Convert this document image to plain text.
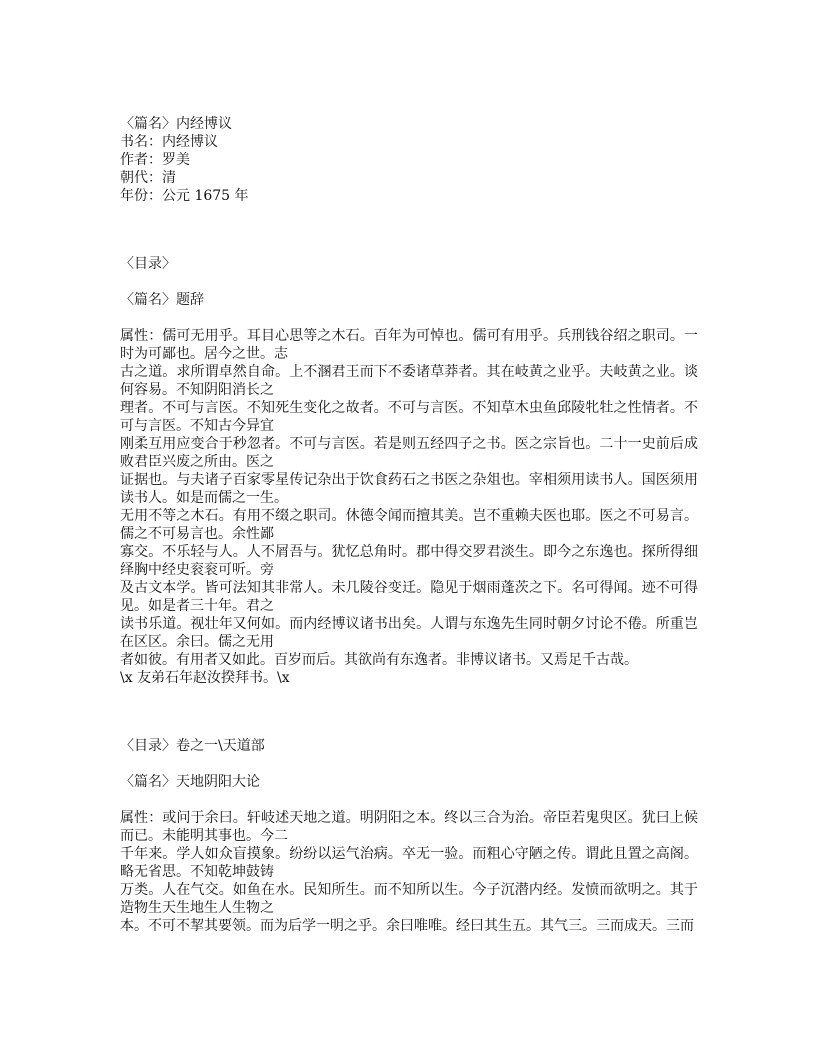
〈篇名〉内经博议
书名：内经博议
作者：罗美
朝代：清
年份：公元 1675 年
〈目录〉
〈篇名〉题辞
属性：儒可无用乎。耳目心思等之木石。百年为可悼也。儒可有用乎。兵刑钱谷绍之职司。一时为可鄙也。居今之世。志
古之道。求所谓卓然自命。上不溷君王而下不委诸草莽者。其在岐黄之业乎。夫岐黄之业。谈何容易。不知阴阳消长之
理者。不可与言医。不知死生变化之故者。不可与言医。不知草木虫鱼邱陵牝牡之性情者。不可与言医。不知古今异宜
刚柔互用应变合于秒忽者。不可与言医。若是则五经四子之书。医之宗旨也。二十一史前后成败君臣兴废之所由。医之
证据也。与夫诸子百家零星传记杂出于饮食药石之书医之杂俎也。宰相须用读书人。国医须用读书人。如是而儒之一生。
无用不等之木石。有用不缀之职司。休德令闻而擅其美。岂不重赖夫医也耶。医之不可易言。儒之不可易言也。余性鄙
寡交。不乐轻与人。人不屑吾与。犹忆总角时。郡中得交罗君淡生。即今之东逸也。探所得细绎胸中经史衮衮可听。旁
及古文本学。皆可法知其非常人。未几陵谷变迁。隐见于烟雨蓬茨之下。名可得闻。迹不可得见。如是者三十年。君之
读书乐道。视壮年又何如。而内经博议诸书出矣。人谓与东逸先生同时朝夕讨论不倦。所重岂在区区。余曰。儒之无用
者如彼。有用者又如此。百岁而后。其欲尚有东逸者。非博议诸书。又焉足千古哉。
\x 友弟石年赵汝揆拜书。\x
〈目录〉卷之一\天道部
〈篇名〉天地阴阳大论
属性：或问于余曰。轩岐述天地之道。明阴阳之本。终以三合为治。帝臣若鬼臾区。犹曰上候而已。未能明其事也。今二
千年来。学人如众盲摸象。纷纷以运气治病。卒无一验。而粗心守陋之传。谓此且置之高阁。略无省思。不知乾坤鼓铸
万类。人在气交。如鱼在水。民知所生。而不知所以生。今子沉潜内经。发愤而欲明之。其于造物生天生地生人生物之
本。不可不挈其要领。而为后学一明之乎。余曰唯唯。经曰其生五。其气三。三而成天。三而
